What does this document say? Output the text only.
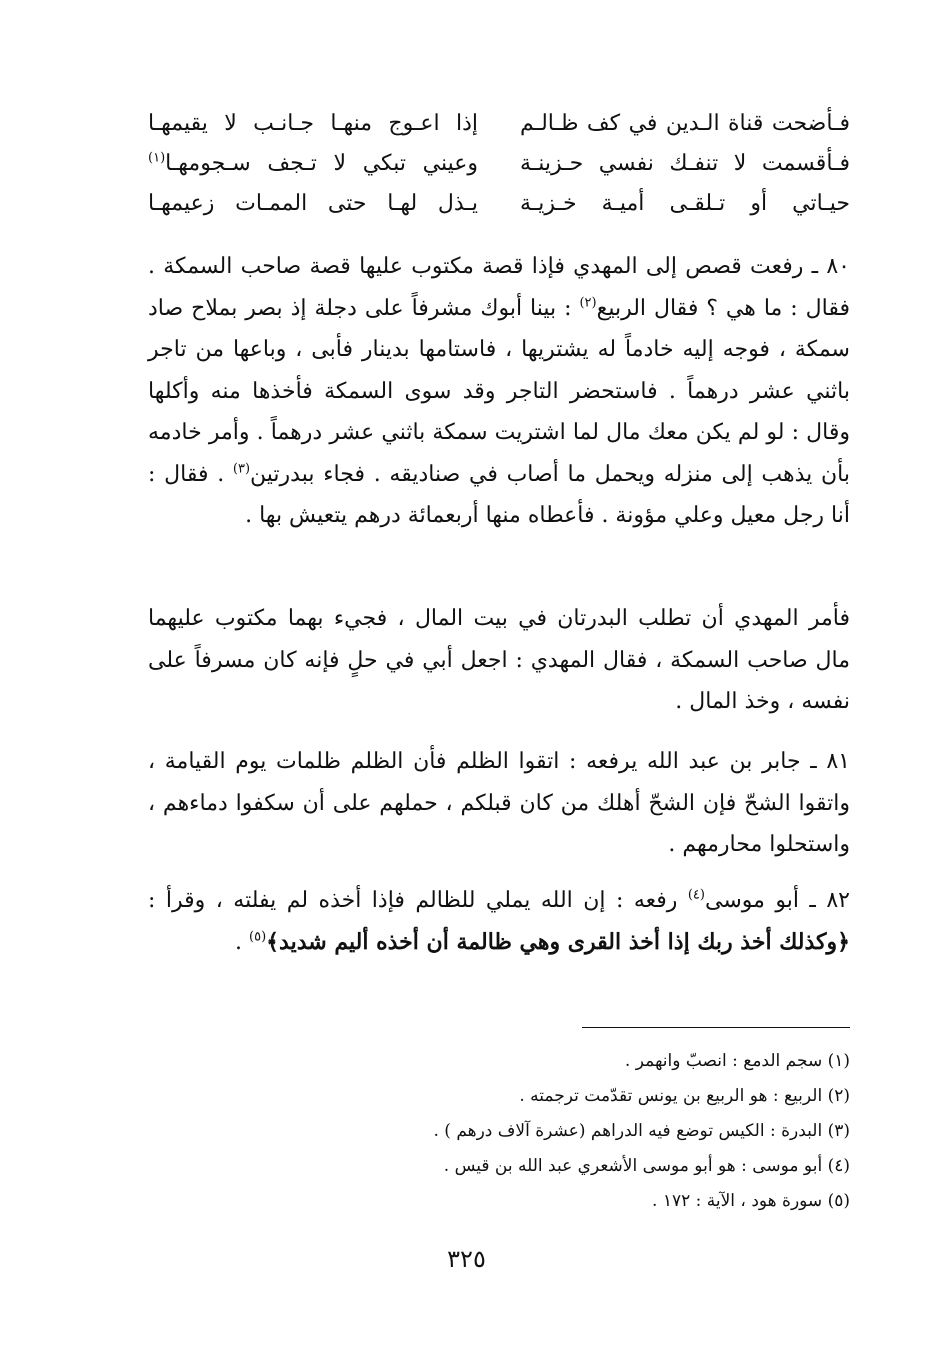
فـأضحت قناة الـدين في كف ظـالـم
إذا اعـوج منهـا جـانـب لا يقيمهـا
فـأقسمت لا تنفـك نفسي حـزينـة
وعيني تبكي لا تـجف سـجومهـا$^{(١)}$
حيـاتي أو تـلقـى أميـة خـزيـة
يـذل لهـا حتى الممـات زعيمهـا

٨٠ ـ رفعت قصص إلى المهدي فإذا قصة مكتوب عليها قصة صاحب السمكة . فقال : ما هي ؟ فقال الربيع$^{(٢)}$ : بينا أبوك مشرفاً على دجلة إذ بصر بملاح صاد سمكة ، فوجه إليه خادماً له يشتريها ، فاستامها بدينار فأبى ، وباعها من تاجر باثني عشر درهماً . فاستحضر التاجر وقد سوى السمكة فأخذها منه وأكلها وقال : لو لم يكن معك مال لما اشتريت سمكة باثني عشر درهماً . وأمر خادمه بأن يذهب إلى منزله ويحمل ما أصاب في صناديقه . فجاء ببدرتين$^{(٣)}$ . فقال : أنا رجل معيل وعلي مؤونة . فأعطاه منها أربعمائة درهم يتعيش بها .

فأمر المهدي أن تطلب البدرتان في بيت المال ، فجيء بهما مكتوب عليهما مال صاحب السمكة ، فقال المهدي : اجعل أبي في حلٍ فإنه كان مسرفاً على نفسه ، وخذ المال .

٨١ ـ جابر بن عبد الله يرفعه : اتقوا الظلم فأن الظلم ظلمات يوم القيامة ، واتقوا الشحّ فإن الشحّ أهلك من كان قبلكم ، حملهم على أن سكفوا دماءهم ، واستحلوا محارمهم .

٨٢ ـ أبو موسى$^{(٤)}$ رفعه : إن الله يملي للظالم فإذا أخذه لم يفلته ، وقرأ : ﴿وكذلك أخذ ربك إذا أخذ القرى وهي ظالمة أن أخذه أليم شديد﴾$^{(٥)}$ .

(١) سجم الدمع : انصبّ وانهمر .

(٢) الربيع : هو الربيع بن يونس تقدّمت ترجمته .

(٣) البدرة : الكيس توضع فيه الدراهم (عشرة آلاف درهم ) .

(٤) أبو موسى : هو أبو موسى الأشعري عبد الله بن قيس .

(٥) سورة هود ، الآية : ١٧٢ .

٣٢٥
